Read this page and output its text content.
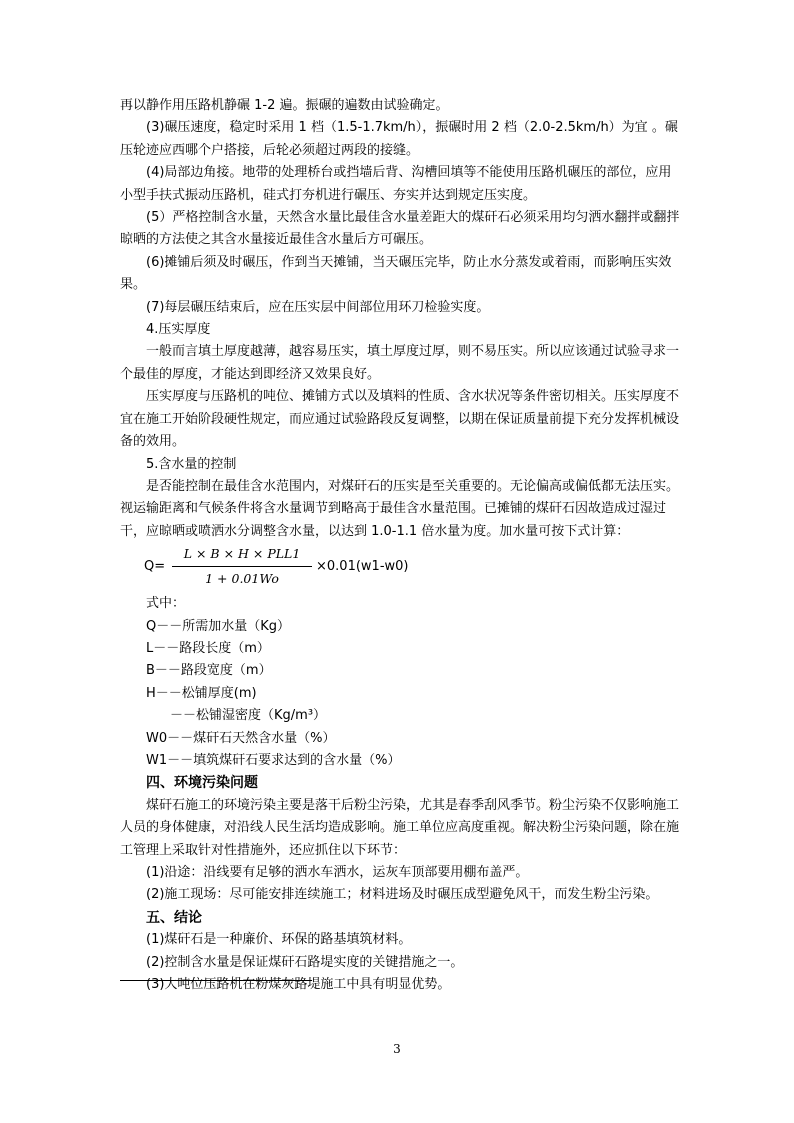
再以静作用压路机静碾 1-2 遍。振碾的遍数由试验确定。

(3)碾压速度，稳定时采用 1 档（1.5-1.7km/h），振碾时用 2 档（2.0-2.5km/h）为宜 。碾压轮迹应西哪个户搭接，后轮必须超过两段的接缝。

(4)局部边角接。地带的处理桥台或挡墙后背、沟槽回填等不能使用压路机碾压的部位，应用小型手扶式振动压路机，硅式打夯机进行碾压、夯实并达到规定压实度。

(5）严格控制含水量，天然含水量比最佳含水量差距大的煤矸石必须采用均匀洒水翻拌或翻拌晾晒的方法使之其含水量接近最佳含水量后方可碾压。

(6)摊铺后须及时碾压，作到当天摊铺，当天碾压完毕，防止水分蒸发或着雨，而影响压实效果。

(7)每层碾压结束后，应在压实层中间部位用环刀检验实度。

4.压实厚度

一般而言填土厚度越薄，越容易压实，填土厚度过厚，则不易压实。所以应该通过试验寻求一个最佳的厚度，才能达到即经济又效果良好。

压实厚度与压路机的吨位、摊铺方式以及填料的性质、含水状况等条件密切相关。压实厚度不宜在施工开始阶段硬性规定，而应通过试验路段反复调整，以期在保证质量前提下充分发挥机械设备的效用。

5.含水量的控制

是否能控制在最佳含水范围内，对煤矸石的压实是至关重要的。无论偏高或偏低都无法压实。视运输距离和气候条件将含水量调节到略高于最佳含水量范围。已摊铺的煤矸石因故造成过湿过干，应晾晒或喷洒水分调整含水量，以达到 1.0-1.1 倍水量为度。加水量可按下式计算：

Q=
L × B × H × PLL1
1 + 0.01Wo
×0.01(w1-w0)

式中：

Q－－所需加水量（Kg）

L－－路段长度（m）

B－－路段宽度（m）

H－－松铺厚度(m)

－－松铺湿密度（Kg/m³）

W0－－煤矸石天然含水量（%）

W1－－填筑煤矸石要求达到的含水量（%）

四、环境污染问题

煤矸石施工的环境污染主要是落干后粉尘污染，尤其是春季刮风季节。粉尘污染不仅影响施工人员的身体健康，对沿线人民生活均造成影响。施工单位应高度重视。解决粉尘污染问题，除在施工管理上采取针对性措施外，还应抓住以下环节：

(1)沿途：沿线要有足够的洒水车洒水，运灰车顶部要用棚布盖严。

(2)施工现场：尽可能安排连续施工；材料进场及时碾压成型避免风干，而发生粉尘污染。

五、结论

(1)煤矸石是一种廉价、环保的路基填筑材料。

(2)控制含水量是保证煤矸石路堤实度的关键措施之一。

(3)大吨位压路机在粉煤灰路堤施工中具有明显优势。

3
